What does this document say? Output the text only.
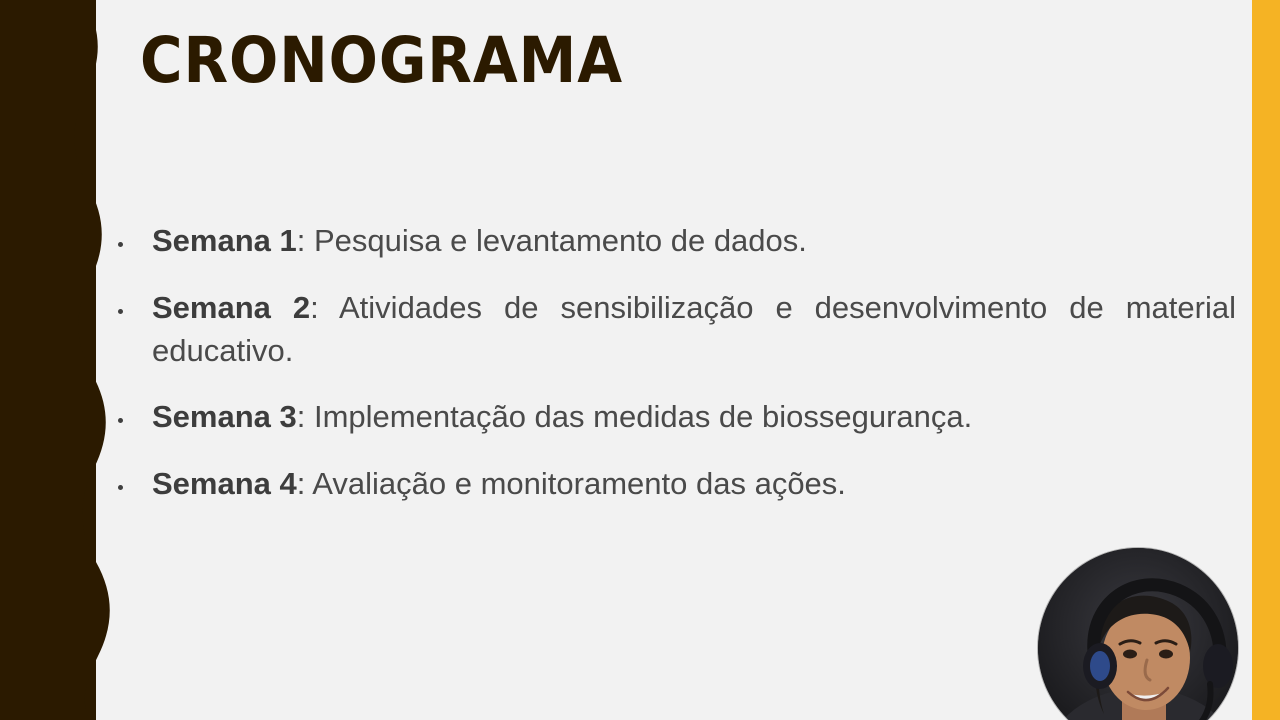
CRONOGRAMA
Semana 1: Pesquisa e levantamento de dados.
Semana 2: Atividades de sensibilização e desenvolvimento de material educativo.
Semana 3: Implementação das medidas de biossegurança.
Semana 4: Avaliação e monitoramento das ações.
